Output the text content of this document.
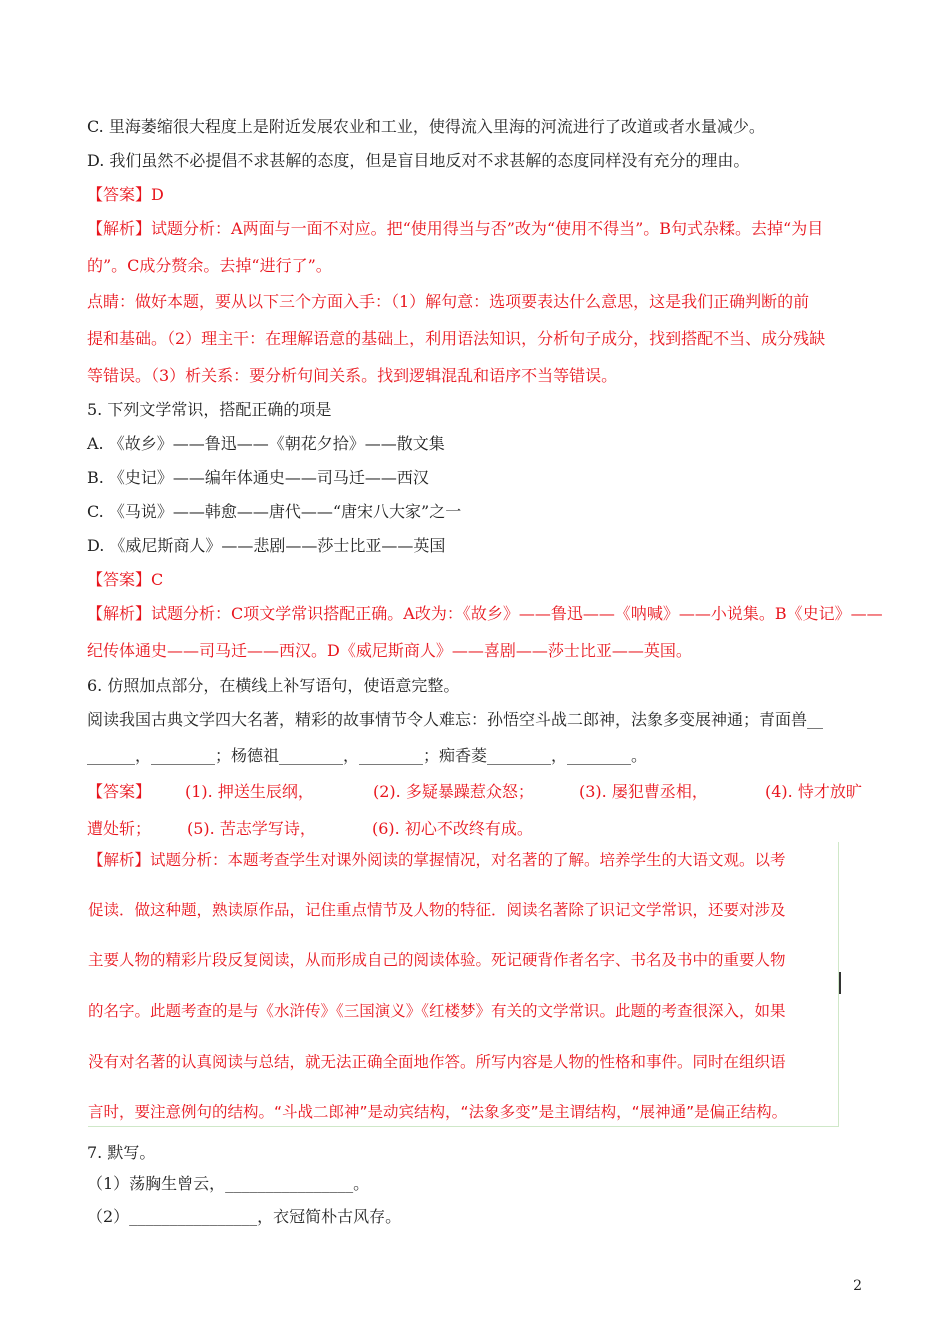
C. 里海萎缩很大程度上是附近发展农业和工业，使得流入里海的河流进行了改道或者水量减少。
D. 我们虽然不必提倡不求甚解的态度，但是盲目地反对不求甚解的态度同样没有充分的理由。
【答案】D
【解析】试题分析：A两面与一面不对应。把“使用得当与否”改为“使用不得当”。B句式杂糅。去掉“为目
的”。C成分赘余。去掉“进行了”。
点睛：做好本题，要从以下三个方面入手：（1）解句意：选项要表达什么意思，这是我们正确判断的前
提和基础。（2）理主干：在理解语意的基础上，利用语法知识，分析句子成分，找到搭配不当、成分残缺
等错误。（3）析关系：要分析句间关系。找到逻辑混乱和语序不当等错误。
5. 下列文学常识，搭配正确的项是
A. 《故乡》——鲁迅——《朝花夕拾》——散文集
B. 《史记》——编年体通史——司马迁——西汉
C. 《马说》——韩愈——唐代——“唐宋八大家”之一
D. 《威尼斯商人》——悲剧——莎士比亚——英国
【答案】C
【解析】试题分析：C项文学常识搭配正确。A改为：《故乡》——鲁迅——《呐喊》——小说集。B《史记》——
纪传体通史——司马迁——西汉。D《威尼斯商人》——喜剧——莎士比亚——英国。
6. 仿照加点部分，在横线上补写语句，使语意完整。
阅读我国古典文学四大名著，精彩的故事情节令人难忘：孙悟空斗战二郎神，法象多变展神通；青面兽__
______，________；杨德祖________，________；痴香菱________，________。
【答案】 (1). 押送生辰纲，	(2). 多疑暴躁惹众怒；	(3). 屡犯曹丞相，	(4). 恃才放旷
遭处斩； (5). 苦志学写诗，	(6). 初心不改终有成。
【解析】试题分析：本题考查学生对课外阅读的掌握情况，对名著的了解。培养学生的大语文观。以考
促读．做这种题，熟读原作品，记住重点情节及人物的特征．阅读名著除了识记文学常识，还要对涉及
主要人物的精彩片段反复阅读，从而形成自己的阅读体验。死记硬背作者名字、书名及书中的重要人物
的名字。此题考查的是与《水浒传》《三国演义》《红楼梦》有关的文学常识。此题的考查很深入，如果
没有对名著的认真阅读与总结，就无法正确全面地作答。所写内容是人物的性格和事件。同时在组织语
言时，要注意例句的结构。“斗战二郎神”是动宾结构，“法象多变”是主谓结构，“展神通”是偏正结构。
7. 默写。
（1）荡胸生曾云，________________。
（2）________________，衣冠简朴古风存。
2
